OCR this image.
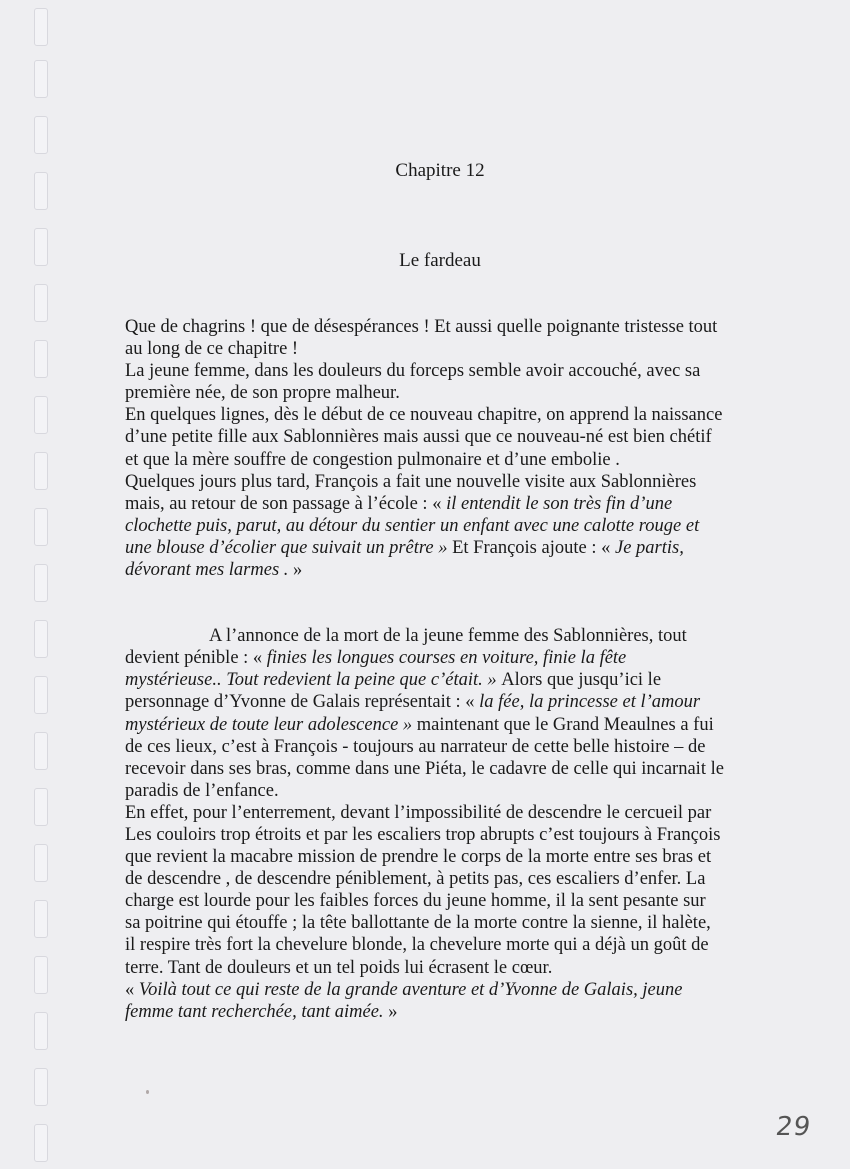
Chapitre 12
Le fardeau
Que de chagrins ! que de désespérances ! Et aussi quelle poignante tristesse tout
au long de ce chapitre !
La jeune femme, dans les douleurs du forceps semble avoir accouché, avec sa
première née, de son propre malheur.
En quelques lignes, dès le début de ce nouveau chapitre, on apprend la naissance
d’une petite fille aux Sablonnières mais aussi que ce nouveau-né est bien chétif
et que la mère souffre de congestion pulmonaire et d’une embolie .
Quelques jours plus tard, François a fait une nouvelle visite aux Sablonnières
mais, au retour de son passage à l’école : « il entendit le son très fin d’une
clochette puis, parut, au détour du sentier un enfant avec une calotte rouge et
une blouse d’écolier que suivait un prêtre » Et François ajoute : « Je partis,
dévorant mes larmes . »
A l’annonce de la mort de la jeune femme des Sablonnières, tout
devient pénible : « finies les longues courses en voiture, finie la fête
mystérieuse.. Tout redevient la peine que c’était. » Alors que jusqu’ici le
personnage d’Yvonne de Galais représentait : « la fée, la princesse et l’amour
mystérieux de toute leur adolescence » maintenant que le Grand Meaulnes a fui
de ces lieux, c’est à François - toujours au narrateur de cette belle histoire – de
recevoir dans ses bras, comme dans une Piéta, le cadavre de celle qui incarnait le
paradis de l’enfance.
En effet, pour l’enterrement, devant l’impossibilité de descendre le cercueil par
Les couloirs trop étroits et par les escaliers trop abrupts c’est toujours à François
que revient la macabre mission de prendre le corps de la morte entre ses bras et
de descendre , de descendre péniblement, à petits pas, ces escaliers d’enfer. La
charge est lourde pour les faibles forces du jeune homme, il la sent pesante sur
sa poitrine qui étouffe ; la tête ballottante de la morte contre la sienne, il halète,
il respire très fort la chevelure blonde, la chevelure morte qui a déjà un goût de
terre. Tant de douleurs et un tel poids lui écrasent le cœur.
« Voilà tout ce qui reste de la grande aventure et d’Yvonne de Galais, jeune
femme tant recherchée, tant aimée. »
29
